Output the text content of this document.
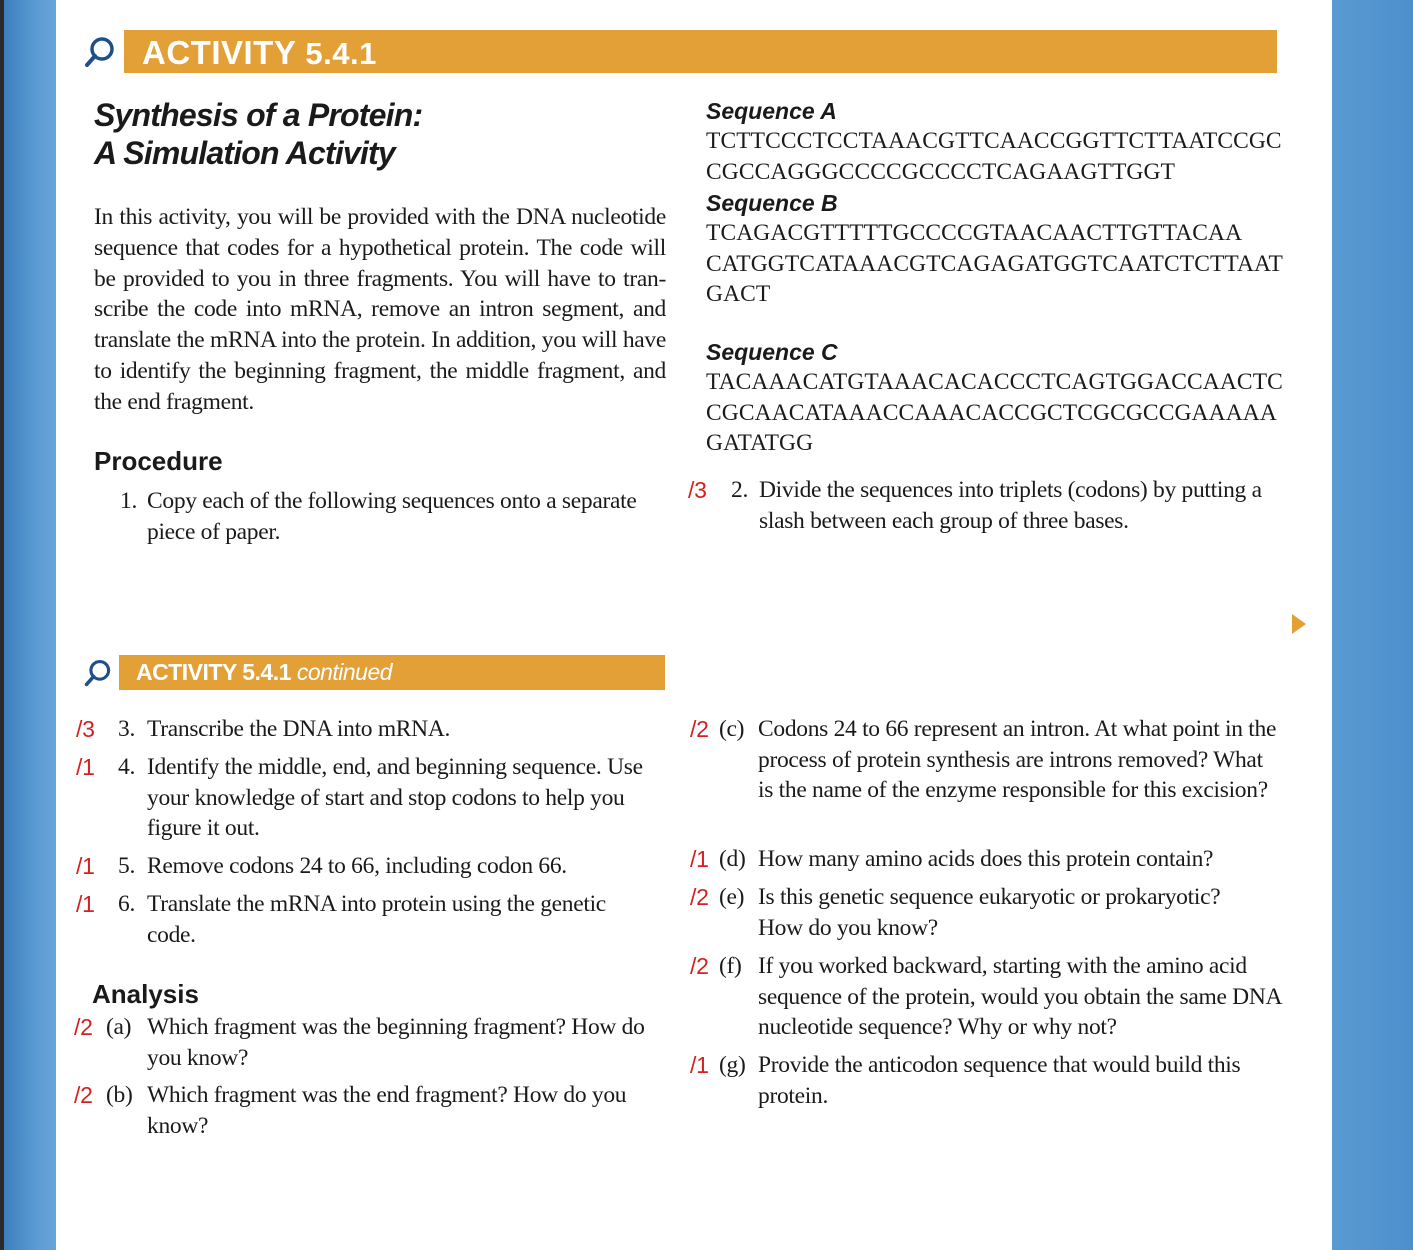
ACTIVITY 5.4.1
Synthesis of a Protein:
A Simulation Activity
In this activity, you will be provided with the DNA nucleotide sequence that codes for a hypothetical protein. The code will be provided to you in three fragments. You will have to tran- scribe the code into mRNA, remove an intron segment, and translate the mRNA into the protein. In addition, you will have to identify the beginning fragment, the middle fragment, and the end fragment.
Procedure
1. Copy each of the following sequences onto a separate piece of paper.
Sequence A
TCTTCCCTCCTAAACGTTCAACCGGTTCTTAATCCGC
CGCCAGGGCCCCGCCCCTCAGAAGTTGGT
Sequence B
TCAGACGTTTTTGCCCCGTAACAACTTGTTACAA
CATGGTCATAAACGTCAGAGATGGTCAATCTCTTAAT
GACT
Sequence C
TACAAACATGTAAACACACCCTCAGTGGACCAACTC
CGCAACATAAACCAAACACCGCTCGCGCCGAAAAA
GATATGG
/3 2. Divide the sequences into triplets (codons) by putting a slash between each group of three bases.
ACTIVITY 5.4.1 continued
/3 3. Transcribe the DNA into mRNA.
/1 4. Identify the middle, end, and beginning sequence. Use your knowledge of start and stop codons to help you figure it out.
/1 5. Remove codons 24 to 66, including codon 66.
/1 6. Translate the mRNA into protein using the genetic code.
Analysis
/2 (a) Which fragment was the beginning fragment? How do you know?
/2 (b) Which fragment was the end fragment? How do you know?
/2 (c) Codons 24 to 66 represent an intron. At what point in the process of protein synthesis are introns removed? What is the name of the enzyme responsible for this excision?
/1 (d) How many amino acids does this protein contain?
/2 (e) Is this genetic sequence eukaryotic or prokaryotic? How do you know?
/2 (f) If you worked backward, starting with the amino acid sequence of the protein, would you obtain the same DNA nucleotide sequence? Why or why not?
/1 (g) Provide the anticodon sequence that would build this protein.
